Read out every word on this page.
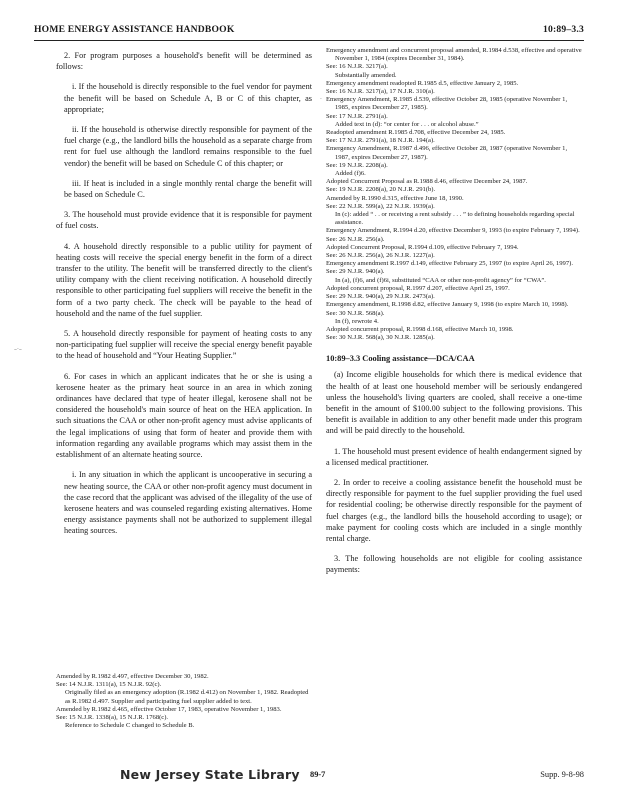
HOME ENERGY ASSISTANCE HANDBOOK	10:89–3.3

2. For program purposes a household's benefit will be determined as follows:

i. If the household is directly responsible to the fuel vendor for payment the benefit will be based on Schedule A, B or C of this chapter, as appropriate;

ii. If the household is otherwise directly responsible for payment of the fuel charge (e.g., the landlord bills the household as a separate charge from rent for fuel use although the landlord remains responsible to the fuel vendor) the benefit will be based on Schedule C of this chapter; or

iii. If heat is included in a single monthly rental charge the benefit will be based on Schedule C.

3. The household must provide evidence that it is responsible for payment of fuel costs.

4. A household directly responsible to a public utility for payment of heating costs will receive the special energy benefit in the form of a direct transfer to the utility. The benefit will be transferred directly to the client's utility company with the client receiving notification. A household directly responsible to other participating fuel suppliers will receive the benefit in the form of a two party check. The check will be payable to the head of household and the name of the fuel supplier.

5. A household directly responsible for payment of heating costs to any non-participating fuel supplier will receive the special energy benefit payable to the head of household and “Your Heating Supplier.”

6. For cases in which an applicant indicates that he or she is using a kerosene heater as the primary heat source in an area in which zoning ordinances have declared that type of heater illegal, kerosene shall not be considered the household's main source of heat on the HEA application. In such situations the CAA or other non-profit agency must advise applicants of the legal implications of using that form of heater and provide them with information regarding any available programs which may assist them in the establishment of an alternate heating source.

i. In any situation in which the applicant is uncooperative in securing a new heating source, the CAA or other non-profit agency must document in the case record that the applicant was advised of the illegality of the use of kerosene heaters and was counseled regarding existing alternatives. Home energy assistance payments shall not be authorized to supplement illegal heating sources.

Amended by R.1982 d.497, effective December 30, 1982.
See: 14 N.J.R. 1311(a), 15 N.J.R. 92(c).
Originally filed as an emergency adoption (R.1982 d.412) on November 1, 1982. Readopted as R.1982 d.497. Supplier and participating fuel supplier added to text.
Amended by R.1982 d.465, effective October 17, 1983, operative November 1, 1983.
See: 15 N.J.R. 1338(a), 15 N.J.R. 1768(c).
Reference to Schedule C changed to Schedule B.
Emergency amendment and concurrent proposal amended, R.1984 d.538, effective and operative November 1, 1984 (expires December 31, 1984).
See: 16 N.J.R. 3217(a).
Substantially amended.
Emergency amendment readopted R.1985 d.5, effective January 2, 1985.
See: 16 N.J.R. 3217(a), 17 N.J.R. 310(a).
Emergency Amendment, R.1985 d.539, effective October 28, 1985 (operative November 1, 1985, expires December 27, 1985).
See: 17 N.J.R. 2791(a).
Added text in (d): “or center for . . . or alcohol abuse.”
Readopted amendment R.1985 d.708, effective December 24, 1985.
See: 17 N.J.R. 2791(a), 18 N.J.R. 194(a).
Emergency Amendment, R.1987 d.496, effective October 28, 1987 (operative November 1, 1987, expires December 27, 1987).
See: 19 N.J.R. 2208(a).
Added (f)6.
Adopted Concurrent Proposal as R.1988 d.46, effective December 24, 1987.
See: 19 N.J.R. 2208(a), 20 N.J.R. 291(b).
Amended by R.1990 d.315, effective June 18, 1990.
See: 22 N.J.R. 599(a), 22 N.J.R. 1939(a).
In (c): added “ . . or receiving a rent subsidy . . . ” to defining households regarding special assistance.
Emergency Amendment, R.1994 d.20, effective December 9, 1993 (to expire February 7, 1994).
See: 26 N.J.R. 256(a).
Adopted Concurrent Proposal, R.1994 d.109, effective February 7, 1994.
See: 26 N.J.R. 256(a), 26 N.J.R. 1227(a).
Emergency amendment R.1997 d.149, effective February 25, 1997 (to expire April 26, 1997).
See: 29 N.J.R. 940(a).
In (a), (f)6, and (f)6i, substituted “CAA or other non-profit agency” for “CWA”.
Adopted concurrent proposal, R.1997 d.207, effective April 25, 1997.
See: 29 N.J.R. 940(a), 29 N.J.R. 2473(a).
Emergency amendment, R.1998 d.82, effective January 9, 1998 (to expire March 10, 1998).
See: 30 N.J.R. 568(a).
In (f), rewrote 4.
Adopted concurrent proposal, R.1998 d.168, effective March 10, 1998.
See: 30 N.J.R. 568(a), 30 N.J.R. 1285(a).

10:89–3.3 Cooling assistance—DCA/CAA

(a) Income eligible households for which there is medical evidence that the health of at least one household member will be seriously endangered unless the household's living quarters are cooled, shall receive a one-time benefit in the amount of $100.00 subject to the following provisions. This benefit is available in addition to any other benefit made under this program and will be paid directly to the household.

1. The household must present evidence of health endangerment signed by a licensed medical practitioner.

2. In order to receive a cooling assistance benefit the household must be directly responsible for payment to the fuel supplier providing the fuel used for residential cooling; be otherwise directly responsible for the payment of fuel charges (e.g., the landlord bills the household according to usage); or make payment for cooling costs which are included in a single monthly rental charge.

3. The following households are not eligible for cooling assistance payments:

·
–·–
New Jersey State Library 89-7	Supp. 9-8-98
